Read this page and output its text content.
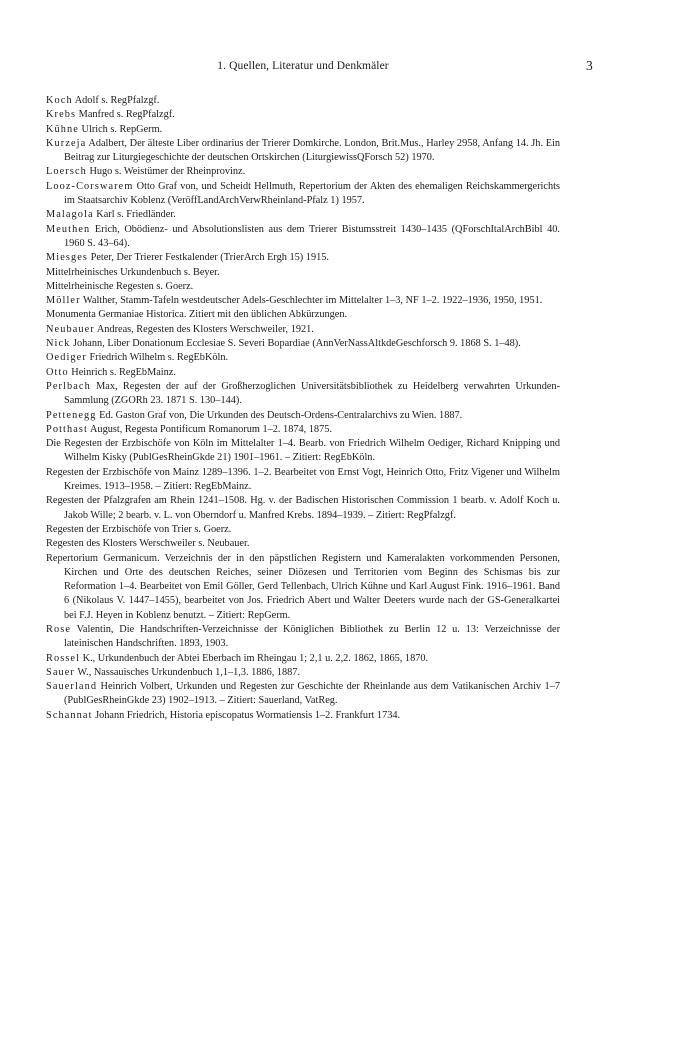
1. Quellen, Literatur und Denkmäler	3
Koch Adolf s. RegPfalzgf.
Krebs Manfred s. RegPfalzgf.
Kühne Ulrich s. RepGerm.
Kurzeja Adalbert, Der älteste Liber ordinarius der Trierer Domkirche. London, Brit.Mus., Harley 2958, Anfang 14. Jh. Ein Beitrag zur Liturgiegeschichte der deutschen Ortskirchen (LiturgiewissQForsch 52) 1970.
Loersch Hugo s. Weistümer der Rheinprovinz.
Looz-Corswarem Otto Graf von, und Scheidt Hellmuth, Repertorium der Akten des ehemaligen Reichskammergerichts im Staatsarchiv Koblenz (VeröffLandArchVerwRheinland-Pfalz 1) 1957.
Malagola Karl s. Friedländer.
Meuthen Erich, Obödienz- und Absolutionslisten aus dem Trierer Bistumsstreit 1430–1435 (QForschItalArchBibl 40. 1960 S. 43–64).
Miesges Peter, Der Trierer Festkalender (TrierArch Ergh 15) 1915.
Mittelrheinisches Urkundenbuch s. Beyer.
Mittelrheinische Regesten s. Goerz.
Möller Walther, Stamm-Tafeln westdeutscher Adels-Geschlechter im Mittelalter 1–3, NF 1–2. 1922–1936, 1950, 1951.
Monumenta Germaniae Historica. Zitiert mit den üblichen Abkürzungen.
Neubauer Andreas, Regesten des Klosters Werschweiler, 1921.
Nick Johann, Liber Donationum Ecclesiae S. Severi Bopardiae (AnnVerNassAltkdeGeschforsch 9. 1868 S. 1–48).
Oediger Friedrich Wilhelm s. RegEbKöln.
Otto Heinrich s. RegEbMainz.
Perlbach Max, Regesten der auf der Großherzoglichen Universitätsbibliothek zu Heidelberg verwahrten Urkunden-Sammlung (ZGORh 23. 1871 S. 130–144).
Pettenegg Ed. Gaston Graf von, Die Urkunden des Deutsch-Ordens-Centralarchivs zu Wien. 1887.
Potthast August, Regesta Pontificum Romanorum 1–2. 1874, 1875.
Die Regesten der Erzbischöfe von Köln im Mittelalter 1–4. Bearb. von Friedrich Wilhelm Oediger, Richard Knipping und Wilhelm Kisky (PublGesRheinGkde 21) 1901–1961. – Zitiert: RegEbKöln.
Regesten der Erzbischöfe von Mainz 1289–1396. 1–2. Bearbeitet von Ernst Vogt, Heinrich Otto, Fritz Vigener und Wilhelm Kreimes. 1913–1958. – Zitiert: RegEbMainz.
Regesten der Pfalzgrafen am Rhein 1241–1508. Hg. v. der Badischen Historischen Commission 1 bearb. v. Adolf Koch u. Jakob Wille; 2 bearb. v. L. von Oberndorf u. Manfred Krebs. 1894–1939. – Zitiert: RegPfalzgf.
Regesten der Erzbischöfe von Trier s. Goerz.
Regesten des Klosters Werschweiler s. Neubauer.
Repertorium Germanicum. Verzeichnis der in den päpstlichen Registern und Kameralakten vorkommenden Personen, Kirchen und Orte des deutschen Reiches, seiner Diözesen und Territorien vom Beginn des Schismas bis zur Reformation 1–4. Bearbeitet von Emil Göller, Gerd Tellenbach, Ulrich Kühne und Karl August Fink. 1916–1961. Band 6 (Nikolaus V. 1447–1455), bearbeitet von Jos. Friedrich Abert und Walter Deeters wurde nach der GS-Generalkartei bei F.J. Heyen in Koblenz benutzt. – Zitiert: RepGerm.
Rose Valentin, Die Handschriften-Verzeichnisse der Königlichen Bibliothek zu Berlin 12 u. 13: Verzeichnisse der lateinischen Handschriften. 1893, 1903.
Rossel K., Urkundenbuch der Abtei Eberbach im Rheingau 1; 2,1 u. 2,2. 1862, 1865, 1870.
Sauer W., Nassauisches Urkundenbuch 1,1–1,3. 1886, 1887.
Sauerland Heinrich Volbert, Urkunden und Regesten zur Geschichte der Rheinlande aus dem Vatikanischen Archiv 1–7 (PublGesRheinGkde 23) 1902–1913. – Zitiert: Sauerland, VatReg.
Schannat Johann Friedrich, Historia episcopatus Wormatiensis 1–2. Frankfurt 1734.
